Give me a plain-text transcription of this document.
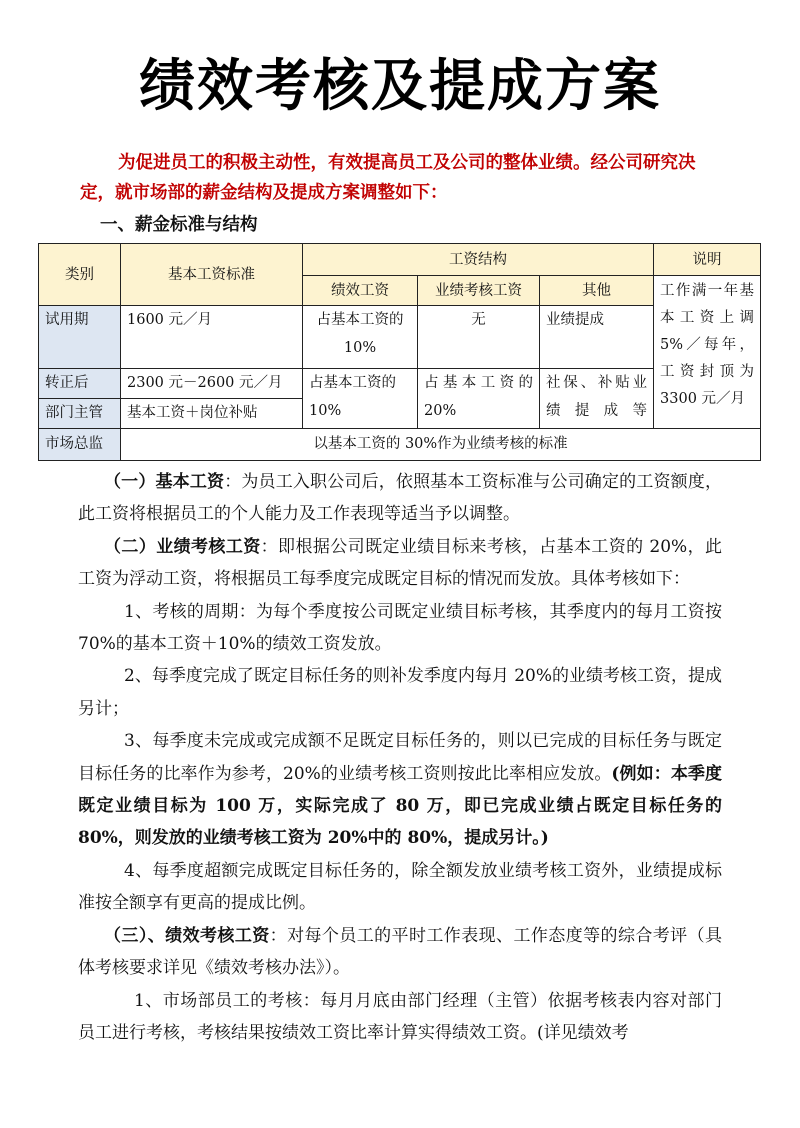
绩效考核及提成方案
为促进员工的积极主动性，有效提高员工及公司的整体业绩。经公司研究决定，就市场部的薪金结构及提成方案调整如下：
一、薪金标准与结构
类别	基本工资标准	工资结构			说明
		绩效工资	业绩考核工资	其他	工作满一年基本工资上调 5%／每年，工资封顶为 3300 元／月
试用期	1600 元／月	占基本工资的 10%	无	业绩提成	
转正后	2300 元－2600 元／月	占基本工资的 10%	占基本工资的 20%	社保、补贴业绩提成等	
部门主管	基本工资＋岗位补贴				
市场总监	以基本工资的 30%作为业绩考核的标准				

（一）基本工资：为员工入职公司后，依照基本工资标准与公司确定的工资额度，此工资将根据员工的个人能力及工作表现等适当予以调整。

（二）业绩考核工资：即根据公司既定业绩目标来考核，占基本工资的 20%，此工资为浮动工资，将根据员工每季度完成既定目标的情况而发放。具体考核如下：

1、考核的周期：为每个季度按公司既定业绩目标考核，其季度内的每月工资按 70%的基本工资＋10%的绩效工资发放。

2、每季度完成了既定目标任务的则补发季度内每月 20%的业绩考核工资，提成另计；

3、每季度未完成或完成额不足既定目标任务的，则以已完成的目标任务与既定目标任务的比率作为参考，20%的业绩考核工资则按此比率相应发放。(例如：本季度既定业绩目标为 100 万，实际完成了 80 万，即已完成业绩占既定目标任务的 80%，则发放的业绩考核工资为 20%中的 80%，提成另计。)

4、每季度超额完成既定目标任务的，除全额发放业绩考核工资外，业绩提成标准按全额享有更高的提成比例。

（三）、绩效考核工资：对每个员工的平时工作表现、工作态度等的综合考评（具体考核要求详见《绩效考核办法》）。

1、市场部员工的考核：每月月底由部门经理（主管）依据考核表内容对部门员工进行考核，考核结果按绩效工资比率计算实得绩效工资。(详见绩效考
